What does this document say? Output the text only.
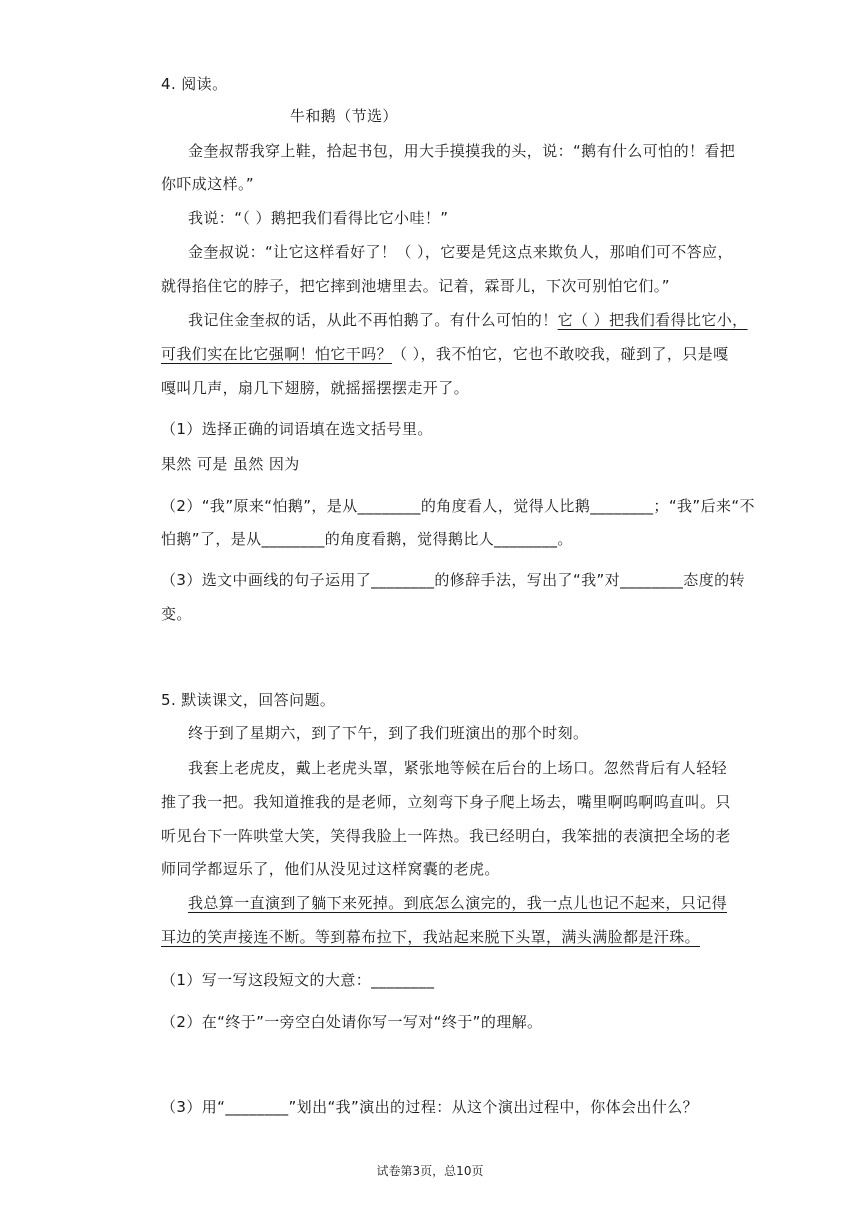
4. 阅读。
牛和鹅（节选）
金奎叔帮我穿上鞋，拾起书包，用大手摸摸我的头，说：“鹅有什么可怕的！看把
你吓成这样。”
我说：“（ ）鹅把我们看得比它小哇！”
金奎叔说：“让它这样看好了！（ ），它要是凭这点来欺负人，那咱们可不答应，
就得掐住它的脖子，把它摔到池塘里去。记着，霖哥儿，下次可别怕它们。”
我记住金奎叔的话，从此不再怕鹅了。有什么可怕的！它（ ）把我们看得比它小，
可我们实在比它强啊！怕它干吗？（ ），我不怕它，它也不敢咬我，碰到了，只是嘎
嘎叫几声，扇几下翅膀，就摇摇摆摆走开了。
（1）选择正确的词语填在选文括号里。
果然 可是 虽然 因为
（2）“我”原来“怕鹅”，是从________的角度看人，觉得人比鹅________；“我”后来“不
怕鹅”了，是从________的角度看鹅，觉得鹅比人________。
（3）选文中画线的句子运用了________的修辞手法，写出了“我”对________态度的转
变。
5. 默读课文，回答问题。
终于到了星期六，到了下午，到了我们班演出的那个时刻。
我套上老虎皮，戴上老虎头罩，紧张地等候在后台的上场口。忽然背后有人轻轻
推了我一把。我知道推我的是老师，立刻弯下身子爬上场去，嘴里啊呜啊呜直叫。只
听见台下一阵哄堂大笑，笑得我脸上一阵热。我已经明白，我笨拙的表演把全场的老
师同学都逗乐了，他们从没见过这样窝囊的老虎。
我总算一直演到了躺下来死掉。到底怎么演完的，我一点儿也记不起来，只记得
耳边的笑声接连不断。等到幕布拉下，我站起来脱下头罩，满头满脸都是汗珠。
（1）写一写这段短文的大意：________
（2）在“终于”一旁空白处请你写一写对“终于”的理解。
（3）用“________”划出“我”演出的过程：从这个演出过程中，你体会出什么？
试卷第3页，总10页
